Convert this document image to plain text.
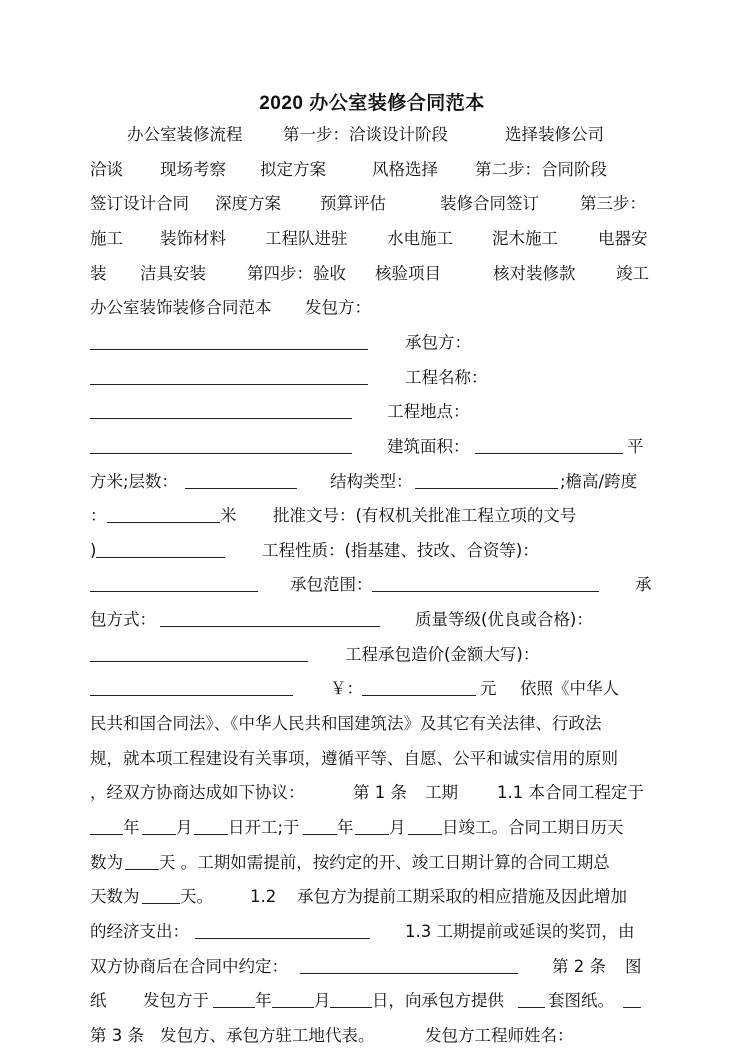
2020 办公室装修合同范本
办公室装修流程 第一步：洽谈设计阶段	选择装修公司
洽谈 现场考察 拟定方案	风格选择 第二步：合同阶段
签订设计合同 深度方案 预算评估	装修合同签订 第三步：
施工 装饰材料 工程队进驻 水电施工 泥木施工 电器安
装 洁具安装 第四步：验收 核验项目	核对装修款 竣工
办公室装饰装修合同范本 发包方：
承包方：
工程名称：
工程地点：
建筑面积：	平
方米;层数：	结构类型：	;檐高/跨度
：	米 批准文号：(有权机关批准工程立项的文号
)	工程性质：(指基建、技改、合资等)：
承包范围：	承
包方式：	质量等级(优良或合格)：
工程承包造价(金额大写)：
￥：	元 依照《中华人
民共和国合同法》、《中华人民共和国建筑法》及其它有关法律、行政法
规，就本项工程建设有关事项，遵循平等、自愿、公平和诚实信用的原则
，经双方协商达成如下协议：	第 1 条 工期 1.1 本合同工程定于
年 月 日开工;于 年 月 日竣工。合同工期日历天
数为 天 。工期如需提前，按约定的开、竣工日期计算的合同工期总
天数为 天。 1.2 承包方为提前工期采取的相应措施及因此增加
的经济支出：	1.3 工期提前或延误的奖罚，由
双方协商后在合同中约定：	第 2 条 图
纸 发包方于	年	月	日，向承包方提供	套图纸。
第 3 条 发包方、承包方驻工地代表。	发包方工程师姓名：
